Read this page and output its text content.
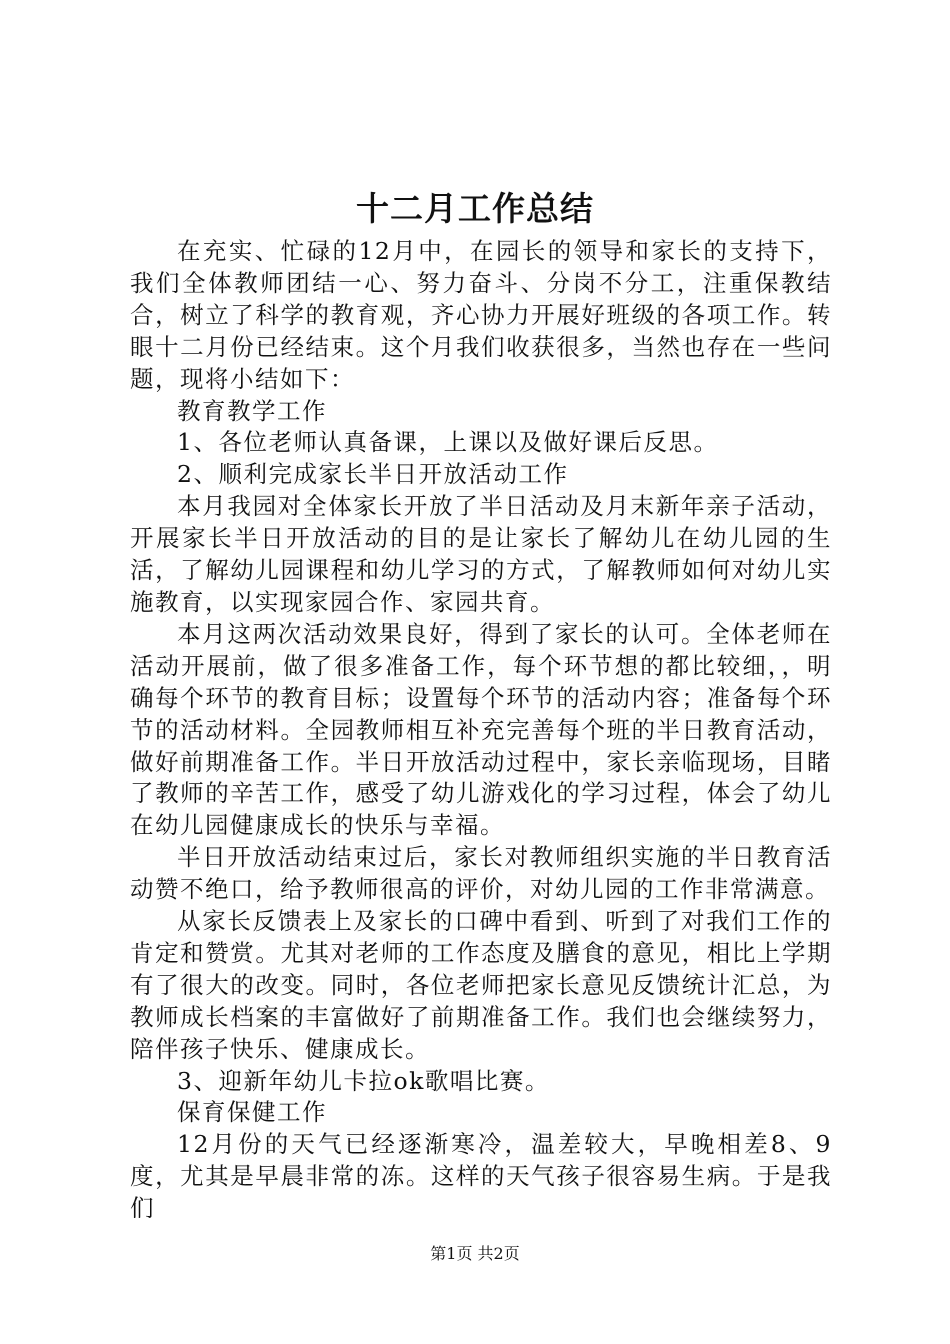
十二月工作总结

在充实、忙碌的12月中，在园长的领导和家长的支持下，我们全体教师团结一心、努力奋斗、分岗不分工，注重保教结合，树立了科学的教育观，齐心协力开展好班级的各项工作。转眼十二月份已经结束。这个月我们收获很多，当然也存在一些问题，现将小结如下：

教育教学工作

1、各位老师认真备课，上课以及做好课后反思。

2、顺利完成家长半日开放活动工作

本月我园对全体家长开放了半日活动及月末新年亲子活动，开展家长半日开放活动的目的是让家长了解幼儿在幼儿园的生活，了解幼儿园课程和幼儿学习的方式，了解教师如何对幼儿实施教育，以实现家园合作、家园共育。

本月这两次活动效果良好，得到了家长的认可。全体老师在活动开展前，做了很多准备工作，每个环节想的都比较细，，明确每个环节的教育目标；设置每个环节的活动内容；准备每个环节的活动材料。全园教师相互补充完善每个班的半日教育活动，做好前期准备工作。半日开放活动过程中，家长亲临现场，目睹了教师的辛苦工作，感受了幼儿游戏化的学习过程，体会了幼儿在幼儿园健康成长的快乐与幸福。

半日开放活动结束过后，家长对教师组织实施的半日教育活动赞不绝口，给予教师很高的评价，对幼儿园的工作非常满意。

从家长反馈表上及家长的口碑中看到、听到了对我们工作的肯定和赞赏。尤其对老师的工作态度及膳食的意见，相比上学期有了很大的改变。同时，各位老师把家长意见反馈统计汇总，为教师成长档案的丰富做好了前期准备工作。我们也会继续努力，陪伴孩子快乐、健康成长。

3、迎新年幼儿卡拉ok歌唱比赛。

保育保健工作

12月份的天气已经逐渐寒冷，温差较大，早晚相差8、9度，尤其是早晨非常的冻。这样的天气孩子很容易生病。于是我们

第1页 共2页
